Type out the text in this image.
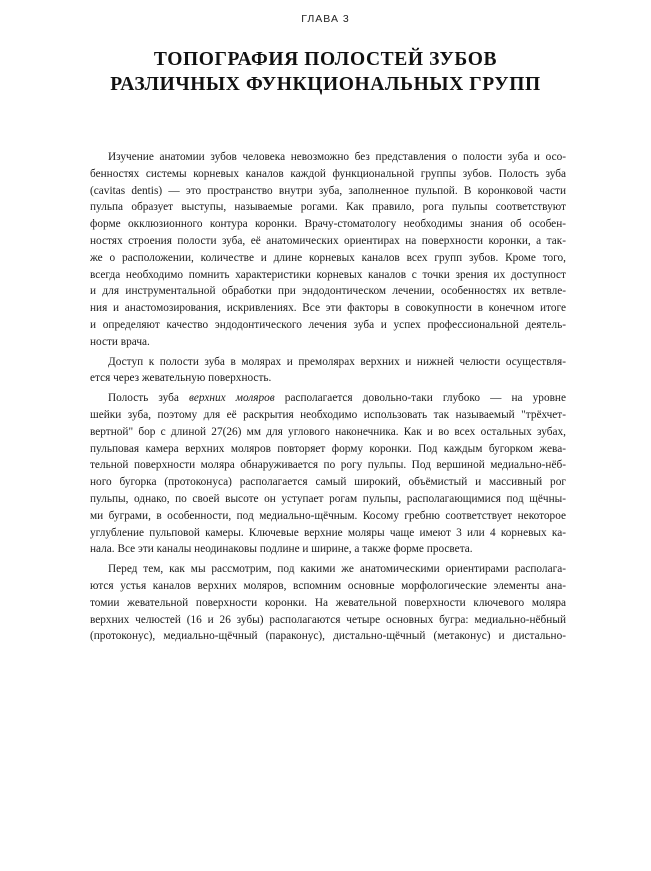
ГЛАВА 3
ТОПОГРАФИЯ ПОЛОСТЕЙ ЗУБОВ
РАЗЛИЧНЫХ ФУНКЦИОНАЛЬНЫХ ГРУПП
Изучение анатомии зубов человека невозможно без представления о полости зуба и осо-
бенностях системы корневых каналов каждой функциональной группы зубов. Полость зуба
(cavitas dentis) — это пространство внутри зуба, заполненное пульпой. В коронковой части
пульпа образует выступы, называемые рогами. Как правило, рога пульпы соответствуют
форме окклюзионного контура коронки. Врачу-стоматологу необходимы знания об особен-
ностях строения полости зуба, её анатомических ориентирах на поверхности коронки, а так-
же о расположении, количестве и длине корневых каналов всех групп зубов. Кроме того,
всегда необходимо помнить характеристики корневых каналов с точки зрения их доступност
и для инструментальной обработки при эндодонтическом лечении, особенностях их ветвле-
ния и анастомозирования, искривлениях. Все эти факторы в совокупности в конечном итоге
и определяют качество эндодонтического лечения зуба и успех профессиональной деятель-
ности врача.
Доступ к полости зуба в молярах и премолярах верхних и нижней челюсти осуществля-
ется через жевательную поверхность.
Полость зуба верхних моляров располагается довольно-таки глубоко — на уровне
шейки зуба, поэтому для её раскрытия необходимо использовать так называемый "трёхчет-
вертной" бор с длиной 27(26) мм для углового наконечника. Как и во всех остальных зубах,
пульповая камера верхних моляров повторяет форму коронки. Под каждым бугорком жева-
тельной поверхности моляра обнаруживается по рогу пульпы. Под вершиной медиально-нёб-
ного бугорка (протоконуса) располагается самый широкий, объёмистый и массивный рог
пульпы, однако, по своей высоте он уступает рогам пульпы, располагающимися под щёчны-
ми буграми, в особенности, под медиально-щёчным. Косому гребню соответствует некоторое
углубление пульповой камеры. Ключевые верхние моляры чаще имеют 3 или 4 корневых ка-
нала. Все эти каналы неодинаковы подлине и ширине, а также форме просвета.
Перед тем, как мы рассмотрим, под какими же анатомическими ориентирами располага-
ются устья каналов верхних моляров, вспомним основные морфологические элементы ана-
томии жевательной поверхности коронки. На жевательной поверхности ключевого моляра
верхних челюстей (16 и 26 зубы) располагаются четыре основных бугра: медиально-нёбный
(протоконус), медиально-щёчный (параконус), дистально-щёчный (метаконус) и дистально-
